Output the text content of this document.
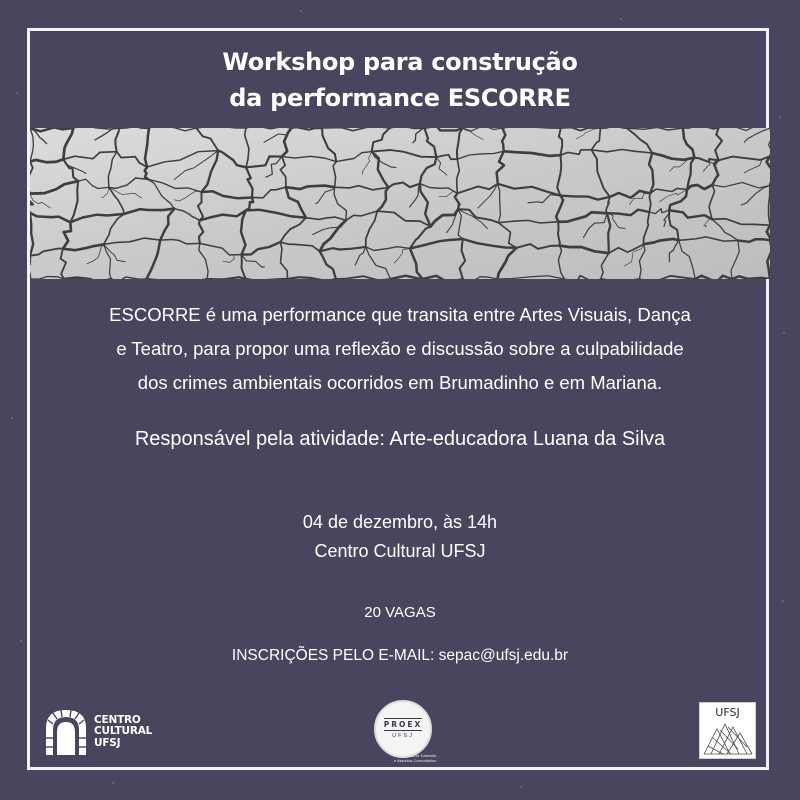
Workshop para construção
da performance ESCORRE
ESCORRE é uma performance que transita entre Artes Visuais, Dança
e Teatro, para propor uma reflexão e discussão sobre a culpabilidade
dos crimes ambientais ocorridos em Brumadinho e em Mariana.
Responsável pela atividade: Arte-educadora Luana da Silva
04 de dezembro, às 14h
Centro Cultural UFSJ
20 VAGAS
INSCRIÇÕES PELO E-MAIL: sepac@ufsj.edu.br
CENTRO
CULTURAL
UFSJ
PROEX
UFSJ
Pró-Reitoria de Extensão
e Assuntos Comunitários
UFSJ
